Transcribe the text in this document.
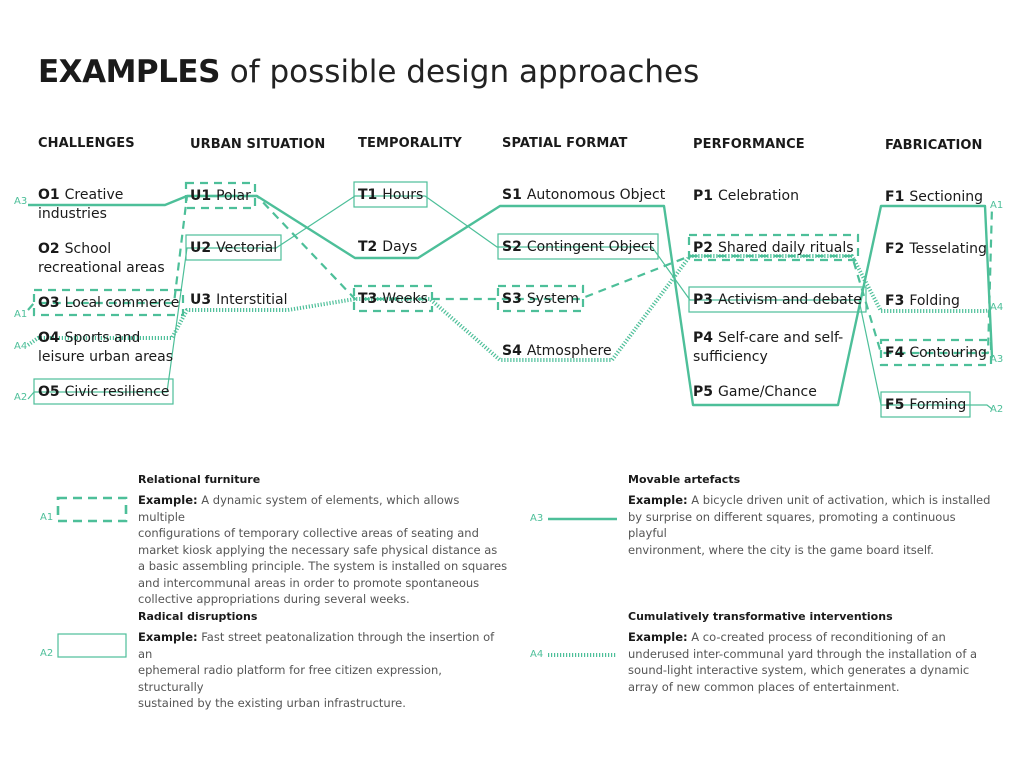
EXAMPLES of possible design approaches
CHALLENGES	URBAN SITUATION	TEMPORALITY	SPATIAL FORMAT	PERFORMANCE	FABRICATION
O1 Creative
industries
O2 School
recreational areas
O3 Local commerce
O4 Sports and
leisure urban areas
O5 Civic resilience
U1 Polar
U2 Vectorial
U3 Interstitial
T1 Hours
T2 Days
T3 Weeks
S1 Autonomous Object
S2 Contingent Object
S3 System
S4 Atmosphere
P1 Celebration
P2 Shared daily rituals
P3 Activism and debate
P4 Self-care and self-
sufficiency
P5 Game/Chance
F1 Sectioning
F2 Tesselating
F3 Folding
F4 Contouring
F5 Forming
A3
A1
A4
A2
A1
A4
A3
A2
A1
A2
A3
A4
Relational furniture
Example: A dynamic system of elements, which allows multiple
configurations of temporary collective areas of seating and
market kiosk applying the necessary safe physical distance as
a basic assembling principle. The system is installed on squares
and intercommunal areas in order to promote spontaneous
collective appropriations during several weeks.
Radical disruptions
Example: Fast street peatonalization through the insertion of an
ephemeral radio platform for free citizen expression, structurally
sustained by the existing urban infrastructure.
Movable artefacts
Example: A bicycle driven unit of activation, which is installed
by surprise on different squares, promoting a continuous playful
environment, where the city is the game board itself.
Cumulatively transformative interventions
Example: A co-created process of reconditioning of an
underused inter-communal yard through the installation of a
sound-light interactive system, which generates a dynamic
array of new common places of entertainment.
